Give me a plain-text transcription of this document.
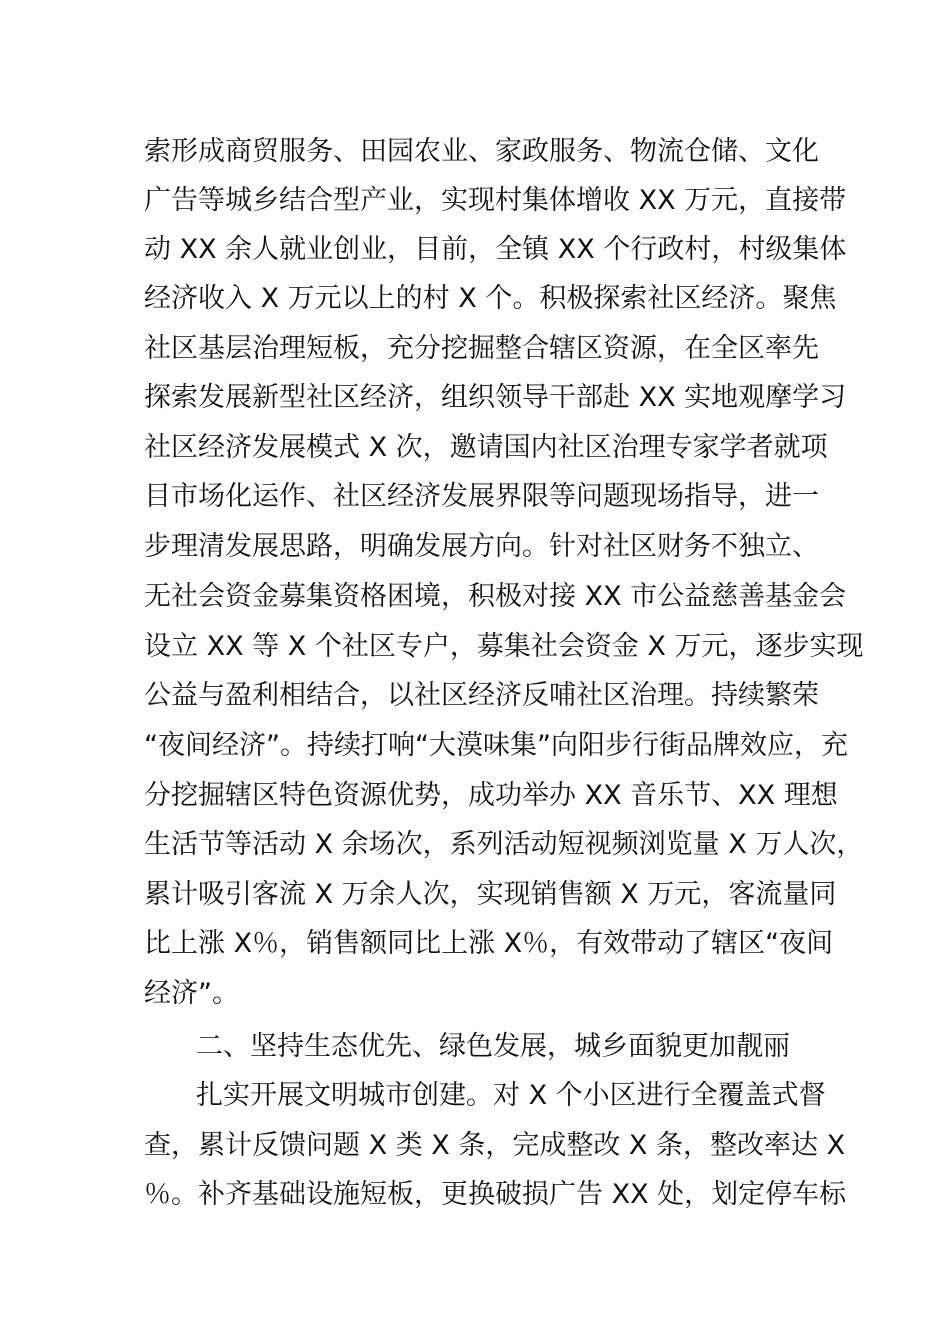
索形成商贸服务、田园农业、家政服务、物流仓储、文化
广告等城乡结合型产业，实现村集体增收 XX 万元，直接带
动 XX 余人就业创业，目前，全镇 XX 个行政村，村级集体
经济收入 X 万元以上的村 X 个。积极探索社区经济。聚焦
社区基层治理短板，充分挖掘整合辖区资源，在全区率先
探索发展新型社区经济，组织领导干部赴 XX 实地观摩学习
社区经济发展模式 X 次，邀请国内社区治理专家学者就项
目市场化运作、社区经济发展界限等问题现场指导，进一
步理清发展思路，明确发展方向。针对社区财务不独立、
无社会资金募集资格困境，积极对接 XX 市公益慈善基金会
设立 XX 等 X 个社区专户，募集社会资金 X 万元，逐步实现
公益与盈利相结合，以社区经济反哺社区治理。持续繁荣
“夜间经济”。持续打响“大漠味集”向阳步行街品牌效应，充
分挖掘辖区特色资源优势，成功举办 XX 音乐节、XX 理想
生活节等活动 X 余场次，系列活动短视频浏览量 X 万人次，
累计吸引客流 X 万余人次，实现销售额 X 万元，客流量同
比上涨 X％，销售额同比上涨 X％，有效带动了辖区“夜间
经济”。
二、坚持生态优先、绿色发展，城乡面貌更加靓丽
扎实开展文明城市创建。对 X 个小区进行全覆盖式督
查，累计反馈问题 X 类 X 条，完成整改 X 条，整改率达 X
％。补齐基础设施短板，更换破损广告 XX 处，划定停车标
